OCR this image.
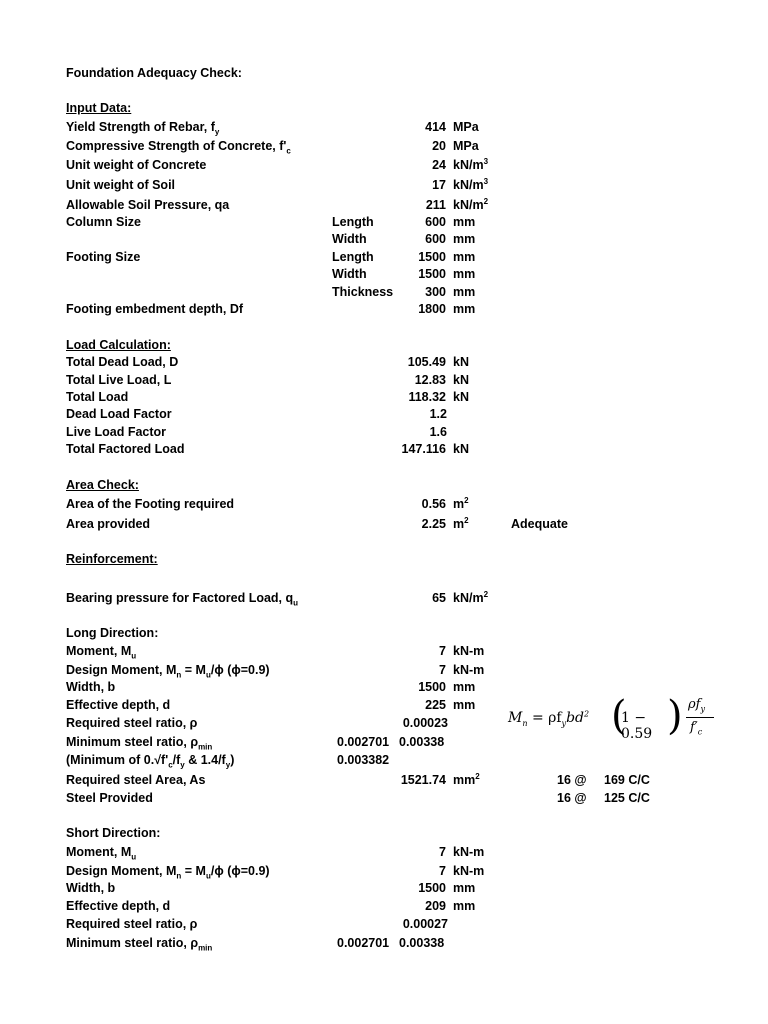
Foundation Adequacy Check:
Input Data:
Yield Strength of Rebar, $f_y$	414 MPa
Compressive Strength of Concrete, $f'_c$	20 MPa
Unit weight of Concrete	24 $kN/m^3$
Unit weight of Soil	17 $kN/m^3$
Allowable Soil Pressure, qa	211 $kN/m^2$
Column Size	Length	600 mm
Width	600 mm
Footing Size	Length	1500 mm
Width	1500 mm
Thickness	300 mm
Footing embedment depth, Df	1800 mm
Load Calculation:
Total Dead Load, D	105.49 kN
Total Live Load, L	12.83 kN
Total Load	118.32 kN
Dead Load Factor	1.2
Live Load Factor	1.6
Total Factored Load	147.116 kN
Area Check:
Area of the Footing required	0.56 $m^2$
Area provided	2.25 $m^2$	Adequate
Reinforcement:
Bearing pressure for Factored Load, $q_u$	65 $kN/m^2$
Long Direction:
Moment, $M_u$	7 kN-m
Design Moment, $M_n = M_u/\phi$ (ϕ=0.9)	7 kN-m
Width, b	1500 mm
Effective depth, d	225 mm
Required steel ratio, ρ	0.00023
Minimum steel ratio, $\rho_{min}$	0.002701 0.00338
(Minimum of $0.√f'_c/f_y$ & $1.4/f_y$)	0.003382
Required steel Area, As	1521.74 $mm^2$	16 @ 169 C/C
Steel Provided	16 @ 125 C/C
Short Direction:
Moment, $M_u$	7 kN-m
Design Moment, $M_n = M_u/\phi$ (ϕ=0.9)	7 kN-m
Width, b	1500 mm
Effective depth, d	209 mm
Required steel ratio, ρ	0.00027
Minimum steel ratio, $\rho_{min}$	0.002701 0.00338
$M_n = \rho f_ybd^2$ (
1 − 0.59
$\rho f_y$
$f'_c$
)
